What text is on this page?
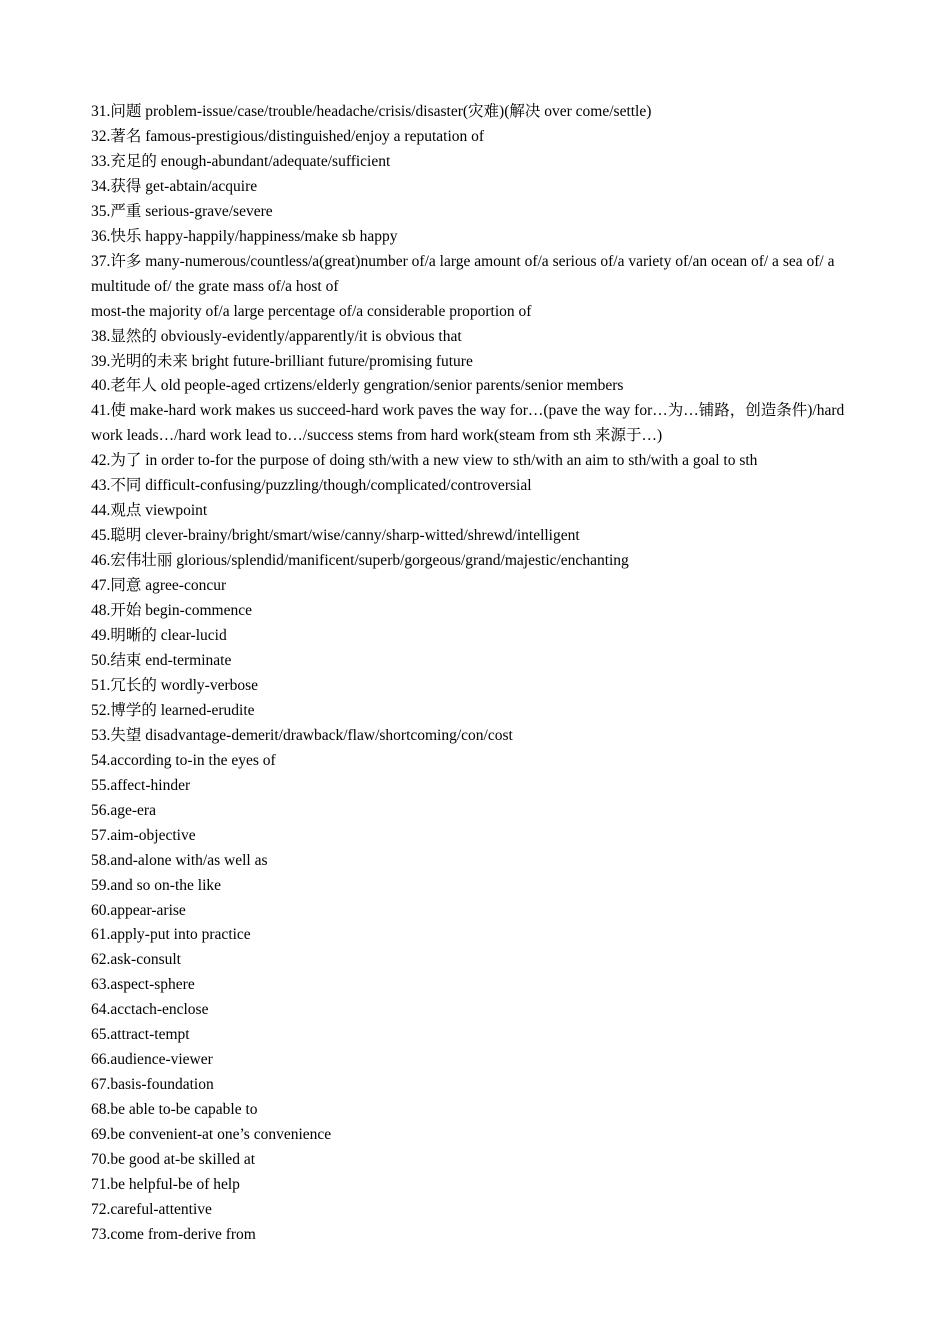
31.问题 problem-issue/case/trouble/headache/crisis/disaster(灾难)(解决 over come/settle)

32.著名 famous-prestigious/distinguished/enjoy a reputation of

33.充足的 enough-abundant/adequate/sufficient

34.获得 get-abtain/acquire

35.严重 serious-grave/severe

36.快乐 happy-happily/happiness/make sb happy

37.许多 many-numerous/countless/a(great)number of/a large amount of/a serious of/a variety of/an ocean of/ a sea of/ a multitude of/ the grate mass of/a host of

most-the majority of/a large percentage of/a considerable proportion of

38.显然的 obviously-evidently/apparently/it is obvious that

39.光明的未来 bright future-brilliant future/promising future

40.老年人 old people-aged crtizens/elderly gengration/senior parents/senior members

41.使 make-hard work makes us succeed-hard work paves the way for…(pave the way for…为…铺路，创造条件)/hard work leads…/hard work lead to…/success stems from hard work(steam from sth 来源于…)

42.为了 in order to-for the purpose of doing sth/with a new view to sth/with an aim to sth/with a goal to sth

43.不同 difficult-confusing/puzzling/though/complicated/controversial

44.观点 viewpoint

45.聪明 clever-brainy/bright/smart/wise/canny/sharp-witted/shrewd/intelligent

46.宏伟壮丽 glorious/splendid/manificent/superb/gorgeous/grand/majestic/enchanting

47.同意 agree-concur

48.开始 begin-commence

49.明晰的 clear-lucid

50.结束 end-terminate

51.冗长的 wordly-verbose

52.博学的 learned-erudite

53.失望 disadvantage-demerit/drawback/flaw/shortcoming/con/cost

54.according to-in the eyes of

55.affect-hinder

56.age-era

57.aim-objective

58.and-alone with/as well as

59.and so on-the like

60.appear-arise

61.apply-put into practice

62.ask-consult

63.aspect-sphere

64.acctach-enclose

65.attract-tempt

66.audience-viewer

67.basis-foundation

68.be able to-be capable to

69.be convenient-at one’s convenience

70.be good at-be skilled at

71.be helpful-be of help

72.careful-attentive

73.come from-derive from
